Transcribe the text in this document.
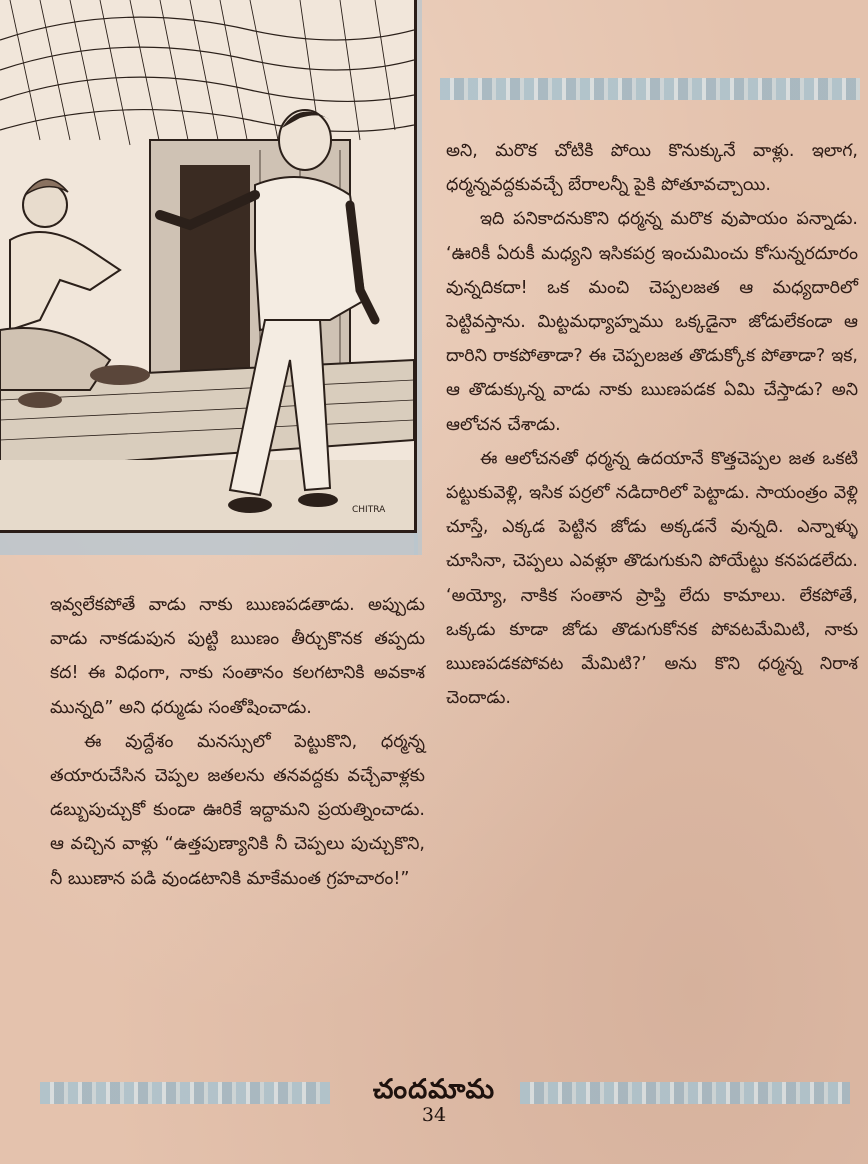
CHITRA

అని, మరొక చోటికి పోయి కొనుక్కునే వాళ్లు. ఇలాగ, ధర్మన్నవద్దకువచ్చే బేరాలన్నీ పైకి పోతూవచ్చాయి.

ఇది పనికాదనుకొని ధర్మన్న మరొక వుపాయం పన్నాడు. ‘ఊరికీ ఏరుకీ మధ్యని ఇసికపర్ర ఇంచుమించు కోసున్నరదూరం వున్నదికదా! ఒక మంచి చెప్పలజత ఆ మధ్యదారిలో పెట్టివస్తాను. మిట్టమధ్యాహ్నము ఒక్కడైనా జోడులేకండా ఆ దారిని రాకపోతాడా? ఈ చెప్పలజత తొడుక్కోక పోతాడా? ఇక, ఆ తొడుక్కున్న వాడు నాకు ఋణపడక ఏమి చేస్తాడు? అని ఆలోచన చేశాడు.

ఈ ఆలోచనతో ధర్మన్న ఉదయానే కొత్తచెప్పల జత ఒకటి పట్టుకువెళ్లి, ఇసిక పర్రలో నడిదారిలో పెట్టాడు. సాయంత్రం వెళ్లి చూస్తే, ఎక్కడ పెట్టిన జోడు అక్కడనే వున్నది. ఎన్నాళ్ళు చూసినా, చెప్పలు ఎవళ్లూ తొడుగుకుని పోయేట్టు కనపడలేదు. ‘అయ్యో, నాకిక సంతాన ప్రాప్తి లేదు కామాలు. లేకపోతే, ఒక్కడు కూడా జోడు తొడుగుకోనక పోవటమేమిటి, నాకు ఋణపడకపోవట మేమిటి?’ అను కొని ధర్మన్న నిరాశ చెందాడు.

ఇవ్వలేకపోతే వాడు నాకు ఋణపడతాడు. అప్పుడు వాడు నాకడుపున పుట్టి ఋణం తీర్చుకొనక తప్పదు కద! ఈ విధంగా, నాకు సంతానం కలగటానికి అవకాశ మున్నది” అని ధర్ముడు సంతోషించాడు.

ఈ వుద్దేశం మనస్సులో పెట్టుకొని, ధర్మన్న తయారుచేసిన చెప్పల జతలను తనవద్దకు వచ్చేవాళ్లకు డబ్బుపుచ్చుకో కుండా ఊరికే ఇద్దామని ప్రయత్నించాడు. ఆ వచ్చిన వాళ్లు “ఉత్తపుణ్యానికి నీ చెప్పలు పుచ్చుకొని, నీ ఋణాన పడి వుండటానికి మాకేమంత గ్రహచారం!”

చందమామ
34
